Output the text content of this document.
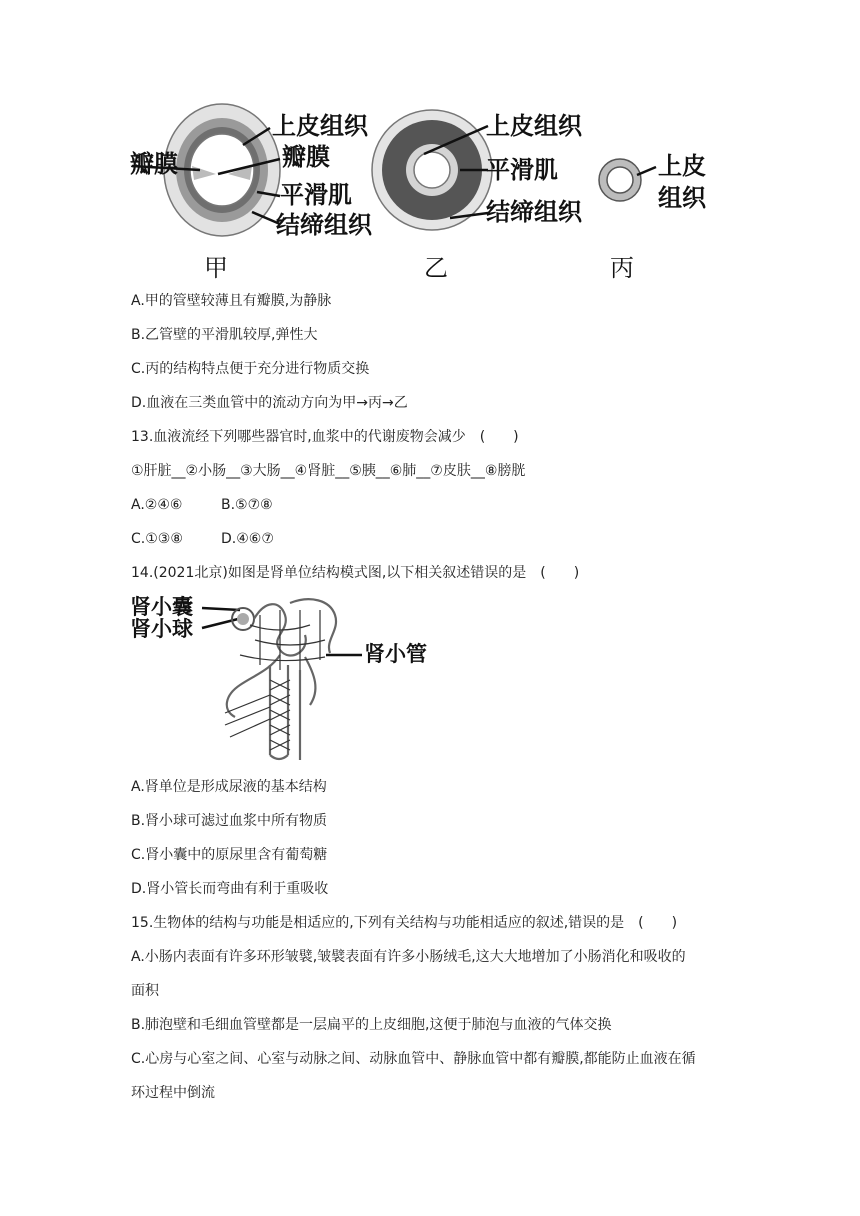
上皮组织
瓣膜
瓣膜
平滑肌
结缔组织
上皮组织
平滑肌
结缔组织
上皮
组织
甲	乙	丙
A.甲的管壁较薄且有瓣膜,为静脉
B.乙管壁的平滑肌较厚,弹性大
C.丙的结构特点便于充分进行物质交换
D.血液在三类血管中的流动方向为甲→丙→乙
13.血液流经下列哪些器官时,血浆中的代谢废物会减少　(　　)
①肝脏__②小肠__③大肠__④肾脏__⑤胰__⑥肺__⑦皮肤__⑧膀胱
A.②④⑥	B.⑤⑦⑧
C.①③⑧	D.④⑥⑦
14.(2021北京)如图是肾单位结构模式图,以下相关叙述错误的是　(　　)
肾小囊
肾小球
肾小管
A.肾单位是形成尿液的基本结构
B.肾小球可滤过血浆中所有物质
C.肾小囊中的原尿里含有葡萄糖
D.肾小管长而弯曲有利于重吸收
15.生物体的结构与功能是相适应的,下列有关结构与功能相适应的叙述,错误的是　(　　)
A.小肠内表面有许多环形皱襞,皱襞表面有许多小肠绒毛,这大大地增加了小肠消化和吸收的
面积
B.肺泡壁和毛细血管壁都是一层扁平的上皮细胞,这便于肺泡与血液的气体交换
C.心房与心室之间、心室与动脉之间、动脉血管中、静脉血管中都有瓣膜,都能防止血液在循
环过程中倒流
